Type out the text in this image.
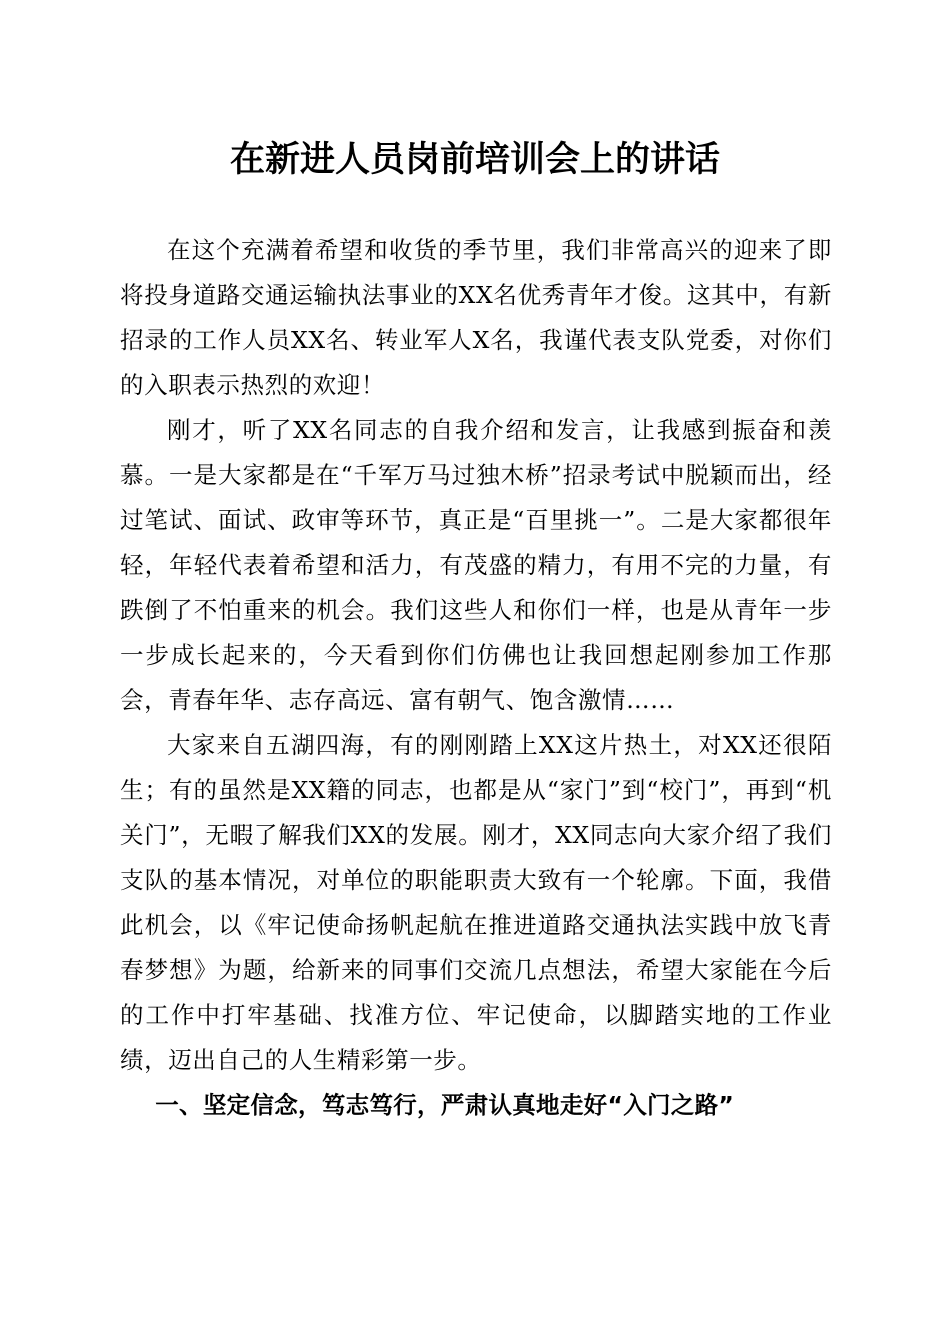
在新进人员岗前培训会上的讲话

在这个充满着希望和收货的季节里，我们非常高兴的迎来了即将投身道路交通运输执法事业的XX名优秀青年才俊。这其中，有新招录的工作人员XX名、转业军人X名，我谨代表支队党委，对你们的入职表示热烈的欢迎！

刚才，听了XX名同志的自我介绍和发言，让我感到振奋和羡慕。一是大家都是在“千军万马过独木桥”招录考试中脱颖而出，经过笔试、面试、政审等环节，真正是“百里挑一”。二是大家都很年轻，年轻代表着希望和活力，有茂盛的精力，有用不完的力量，有跌倒了不怕重来的机会。我们这些人和你们一样，也是从青年一步一步成长起来的，今天看到你们仿佛也让我回想起刚参加工作那会，青春年华、志存高远、富有朝气、饱含激情……

大家来自五湖四海，有的刚刚踏上XX这片热土，对XX还很陌生；有的虽然是XX籍的同志，也都是从“家门”到“校门”，再到“机关门”，无暇了解我们XX的发展。刚才，XX同志向大家介绍了我们支队的基本情况，对单位的职能职责大致有一个轮廓。下面，我借此机会，以《牢记使命扬帆起航在推进道路交通执法实践中放飞青春梦想》为题，给新来的同事们交流几点想法，希望大家能在今后的工作中打牢基础、找准方位、牢记使命，以脚踏实地的工作业绩，迈出自己的人生精彩第一步。

一、坚定信念，笃志笃行，严肃认真地走好“入门之路”
